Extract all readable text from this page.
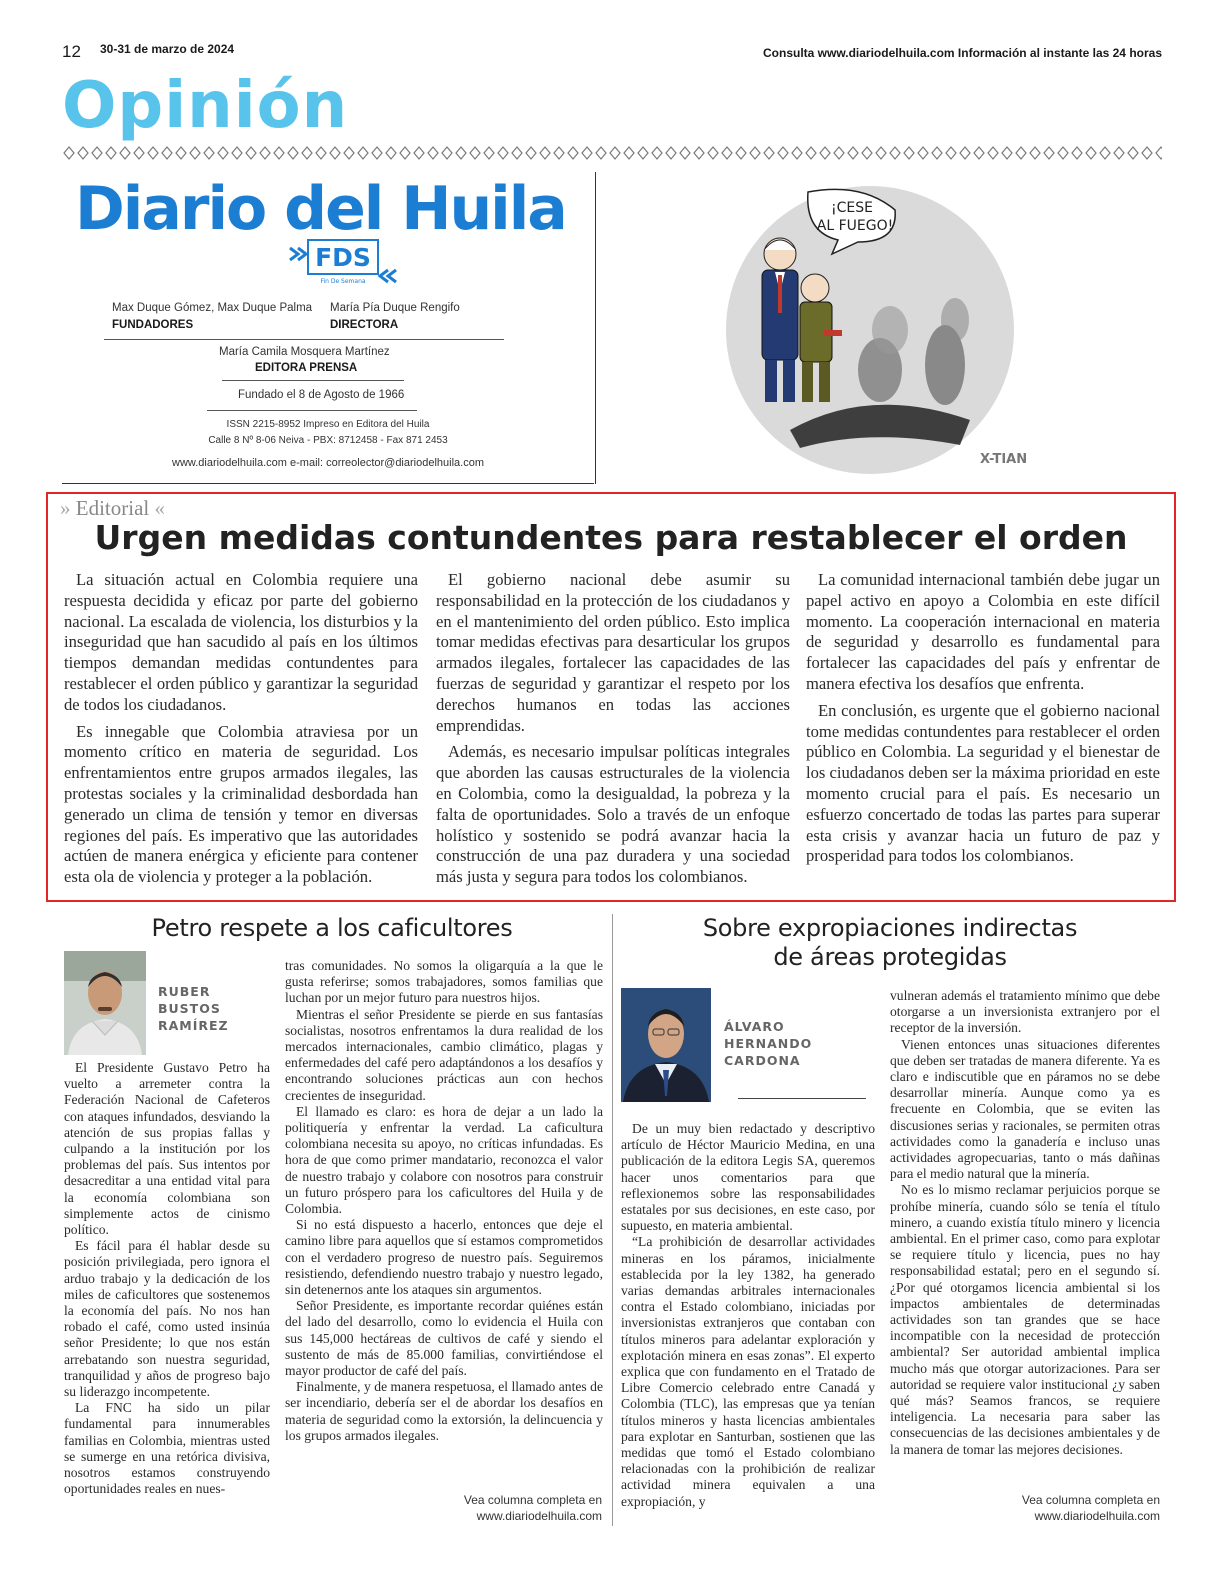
12 30-31 de marzo de 2024	Consulta www.diariodelhuila.com Información al instante las 24 horas
Opinión
Diario del Huila
FDS
Fin De Semana
Max Duque Gómez, Max Duque Palma
FUNDADORES
María Pía Duque Rengifo
DIRECTORA
María Camila Mosquera Martínez
EDITORA PRENSA
Fundado el 8 de Agosto de 1966
ISSN 2215-8952 Impreso en Editora del Huila
Calle 8 Nº 8-06 Neiva - PBX: 8712458 - Fax 871 2453
www.diariodelhuila.com e-mail: correolector@diariodelhuila.com
¡CESE
AL FUEGO!
X-TIAN
» Editorial «
Urgen medidas contundentes para restablecer el orden

La situación actual en Colombia requiere una respuesta decidida y eficaz por parte del gobierno nacional. La escalada de violencia, los disturbios y la inseguridad que han sacudido al país en los últimos tiempos demandan medidas contundentes para restablecer el orden público y garantizar la seguridad de todos los ciudadanos.

Es innegable que Colombia atraviesa por un momento crítico en materia de seguridad. Los enfrentamientos entre grupos armados ilegales, las protestas sociales y la criminalidad desbordada han generado un clima de tensión y temor en diversas regiones del país. Es imperativo que las autoridades actúen de manera enérgica y eficiente para contener esta ola de violencia y proteger a la población.

El gobierno nacional debe asumir su responsabilidad en la protección de los ciudadanos y en el mantenimiento del orden público. Esto implica tomar medidas efectivas para desarticular los grupos armados ilegales, fortalecer las capacidades de las fuerzas de seguridad y garantizar el respeto por los derechos humanos en todas las acciones emprendidas.

Además, es necesario impulsar políticas integrales que aborden las causas estructurales de la violencia en Colombia, como la desigualdad, la pobreza y la falta de oportunidades. Solo a través de un enfoque holístico y sostenido se podrá avanzar hacia la construcción de una paz duradera y una sociedad más justa y segura para todos los colombianos.

La comunidad internacional también debe jugar un papel activo en apoyo a Colombia en este difícil momento. La cooperación internacional en materia de seguridad y desarrollo es fundamental para fortalecer las capacidades del país y enfrentar de manera efectiva los desafíos que enfrenta.

En conclusión, es urgente que el gobierno nacional tome medidas contundentes para restablecer el orden público en Colombia. La seguridad y el bienestar de los ciudadanos deben ser la máxima prioridad en este momento crucial para el país. Es necesario un esfuerzo concertado de todas las partes para superar esta crisis y avanzar hacia un futuro de paz y prosperidad para todos los colombianos.

Petro respete a los caficultores
RUBER
BUSTOS
RAMÍREZ

El Presidente Gustavo Petro ha vuelto a arremeter contra la Federación Nacional de Cafeteros con ataques infundados, desviando la atención de sus propias fallas y culpando a la institución por los problemas del país. Sus intentos por desacreditar a una entidad vital para la economía colombiana son simplemente actos de cinismo político.

Es fácil para él hablar desde su posición privilegiada, pero ignora el arduo trabajo y la dedicación de los miles de caficultores que sostenemos la economía del país. No nos han robado el café, como usted insinúa señor Presidente; lo que nos están arrebatando son nuestra seguridad, tranquilidad y años de progreso bajo su liderazgo incompetente.

La FNC ha sido un pilar fundamental para innumerables familias en Colombia, mientras usted se sumerge en una retórica divisiva, nosotros estamos construyendo oportunidades reales en nues-

tras comunidades. No somos la oligarquía a la que le gusta referirse; somos trabajadores, somos familias que luchan por un mejor futuro para nuestros hijos.

Mientras el señor Presidente se pierde en sus fantasías socialistas, nosotros enfrentamos la dura realidad de los mercados internacionales, cambio climático, plagas y enfermedades del café pero adaptándonos a los desafíos y encontrando soluciones prácticas aun con hechos crecientes de inseguridad.

El llamado es claro: es hora de dejar a un lado la politiquería y enfrentar la verdad. La caficultura colombiana necesita su apoyo, no críticas infundadas. Es hora de que como primer mandatario, reconozca el valor de nuestro trabajo y colabore con nosotros para construir un futuro próspero para los caficultores del Huila y de Colombia.

Si no está dispuesto a hacerlo, entonces que deje el camino libre para aquellos que sí estamos comprometidos con el verdadero progreso de nuestro país. Seguiremos resistiendo, defendiendo nuestro trabajo y nuestro legado, sin detenernos ante los ataques sin argumentos.

Señor Presidente, es importante recordar quiénes están del lado del desarrollo, como lo evidencia el Huila con sus 145,000 hectáreas de cultivos de café y siendo el sustento de más de 85.000 familias, convirtiéndose el mayor productor de café del país.

Finalmente, y de manera respetuosa, el llamado antes de ser incendiario, debería ser el de abordar los desafíos en materia de seguridad como la extorsión, la delincuencia y los grupos armados ilegales.

Vea columna completa en
www.diariodelhuila.com
Sobre expropiaciones indirectas
de áreas protegidas
ÁLVARO
HERNANDO
CARDONA

De un muy bien redactado y descriptivo artículo de Héctor Mauricio Medina, en una publicación de la editora Legis SA, queremos hacer unos comentarios para que reflexionemos sobre las responsabilidades estatales por sus decisiones, en este caso, por supuesto, en materia ambiental.

“La prohibición de desarrollar actividades mineras en los páramos, inicialmente establecida por la ley 1382, ha generado varias demandas arbitrales internacionales contra el Estado colombiano, iniciadas por inversionistas extranjeros que contaban con títulos mineros para adelantar exploración y explotación minera en esas zonas”. El experto explica que con fundamento en el Tratado de Libre Comercio celebrado entre Canadá y Colombia (TLC), las empresas que ya tenían títulos mineros y hasta licencias ambientales para explotar en Santurban, sostienen que las medidas que tomó el Estado colombiano relacionadas con la prohibición de realizar actividad minera equivalen a una expropiación, y

vulneran además el tratamiento mínimo que debe otorgarse a un inversionista extranjero por el receptor de la inversión.

Vienen entonces unas situaciones diferentes que deben ser tratadas de manera diferente. Ya es claro e indiscutible que en páramos no se debe desarrollar minería. Aunque como ya es frecuente en Colombia, que se eviten las discusiones serias y racionales, se permiten otras actividades como la ganadería e incluso unas actividades agropecuarias, tanto o más dañinas para el medio natural que la minería.

No es lo mismo reclamar perjuicios porque se prohíbe minería, cuando sólo se tenía el título minero, a cuando existía título minero y licencia ambiental. En el primer caso, como para explotar se requiere título y licencia, pues no hay responsabilidad estatal; pero en el segundo sí. ¿Por qué otorgamos licencia ambiental si los impactos ambientales de determinadas actividades son tan grandes que se hace incompatible con la necesidad de protección ambiental? Ser autoridad ambiental implica mucho más que otorgar autorizaciones. Para ser autoridad se requiere valor institucional ¿y saben qué más? Seamos francos, se requiere inteligencia. La necesaria para saber las consecuencias de las decisiones ambientales y de la manera de tomar las mejores decisiones.

Vea columna completa en
www.diariodelhuila.com
